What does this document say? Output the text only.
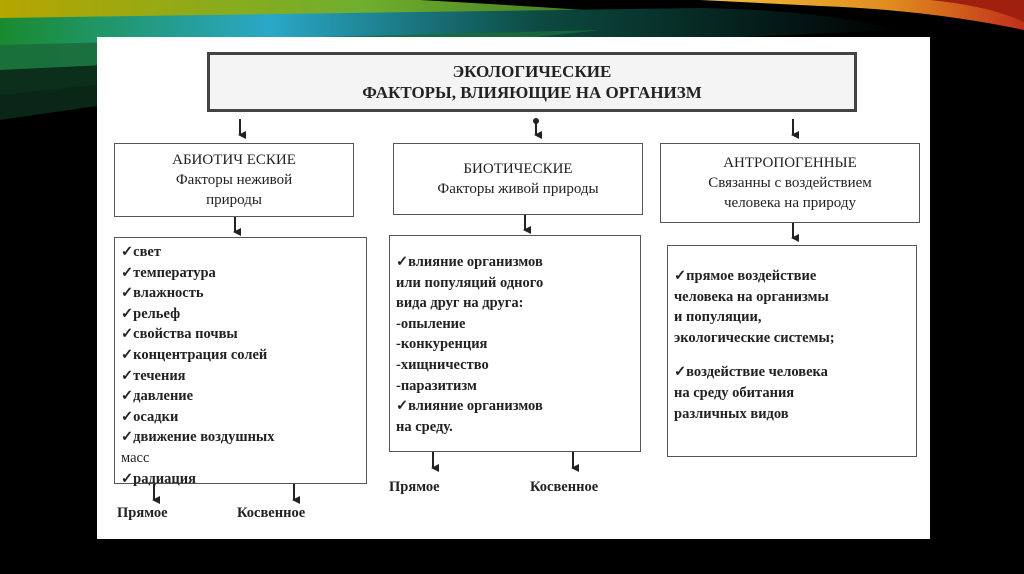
ЭКОЛОГИЧЕСКИЕ
ФАКТОРЫ, ВЛИЯЮЩИЕ НА ОРГАНИЗМ
АБИОТИЧ ЕСКИЕ
Факторы неживой
природы
БИОТИЧЕСКИЕ
Факторы живой природы
АНТРОПОГЕННЫЕ
Связанны с воздействием
человека на природу
✓свет
✓температура
✓влажность
✓рельеф
✓свойства почвы
✓концентрация солей
✓течения
✓давление
✓осадки
✓движение воздушных
масс
✓радиация
✓влияние организмов
или популяций одного
вида друг на друга:
-опыление
-конкуренция
-хищничество
-паразитизм
✓влияние организмов
на среду.
✓прямое воздействие
человека на организмы
и популяции,
экологические системы;
✓воздействие человека
на среду обитания
различных видов
Прямое	Косвенное
Прямое	Косвенное
